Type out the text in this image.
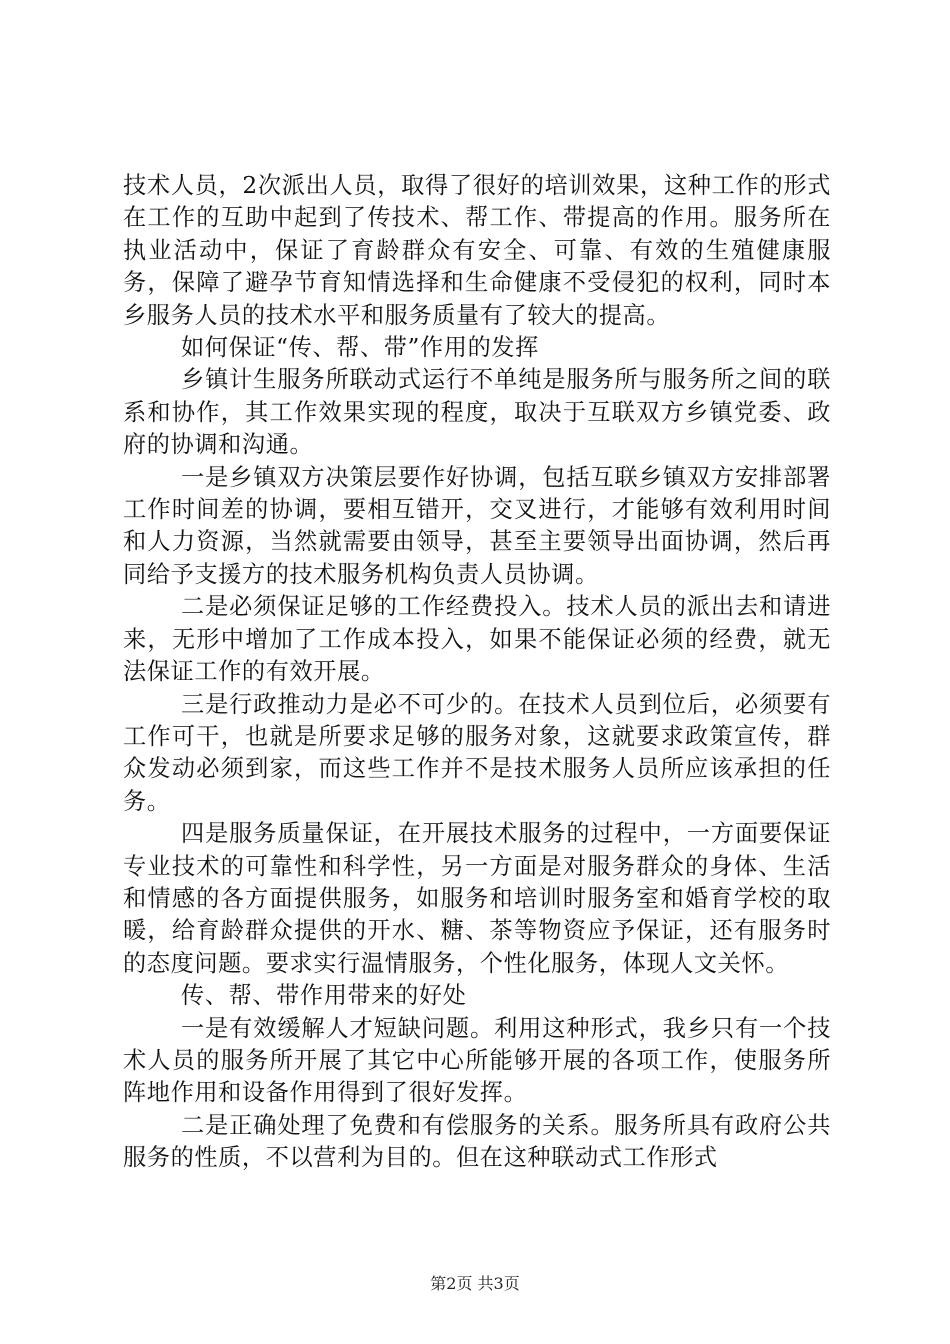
技术人员，2次派出人员，取得了很好的培训效果，这种工作的形式在工作的互助中起到了传技术、帮工作、带提高的作用。服务所在执业活动中，保证了育龄群众有安全、可靠、有效的生殖健康服务，保障了避孕节育知情选择和生命健康不受侵犯的权利，同时本乡服务人员的技术水平和服务质量有了较大的提高。

如何保证“传、帮、带”作用的发挥

乡镇计生服务所联动式运行不单纯是服务所与服务所之间的联系和协作，其工作效果实现的程度，取决于互联双方乡镇党委、政府的协调和沟通。

一是乡镇双方决策层要作好协调，包括互联乡镇双方安排部署工作时间差的协调，要相互错开，交叉进行，才能够有效利用时间和人力资源，当然就需要由领导，甚至主要领导出面协调，然后再同给予支援方的技术服务机构负责人员协调。

二是必须保证足够的工作经费投入。技术人员的派出去和请进来，无形中增加了工作成本投入，如果不能保证必须的经费，就无法保证工作的有效开展。

三是行政推动力是必不可少的。在技术人员到位后，必须要有工作可干，也就是所要求足够的服务对象，这就要求政策宣传，群众发动必须到家，而这些工作并不是技术服务人员所应该承担的任务。

四是服务质量保证，在开展技术服务的过程中，一方面要保证专业技术的可靠性和科学性，另一方面是对服务群众的身体、生活和情感的各方面提供服务，如服务和培训时服务室和婚育学校的取暖，给育龄群众提供的开水、糖、茶等物资应予保证，还有服务时的态度问题。要求实行温情服务，个性化服务，体现人文关怀。

传、帮、带作用带来的好处

一是有效缓解人才短缺问题。利用这种形式，我乡只有一个技术人员的服务所开展了其它中心所能够开展的各项工作，使服务所阵地作用和设备作用得到了很好发挥。

二是正确处理了免费和有偿服务的关系。服务所具有政府公共服务的性质，不以营利为目的。但在这种联动式工作形式

第2页 共3页
